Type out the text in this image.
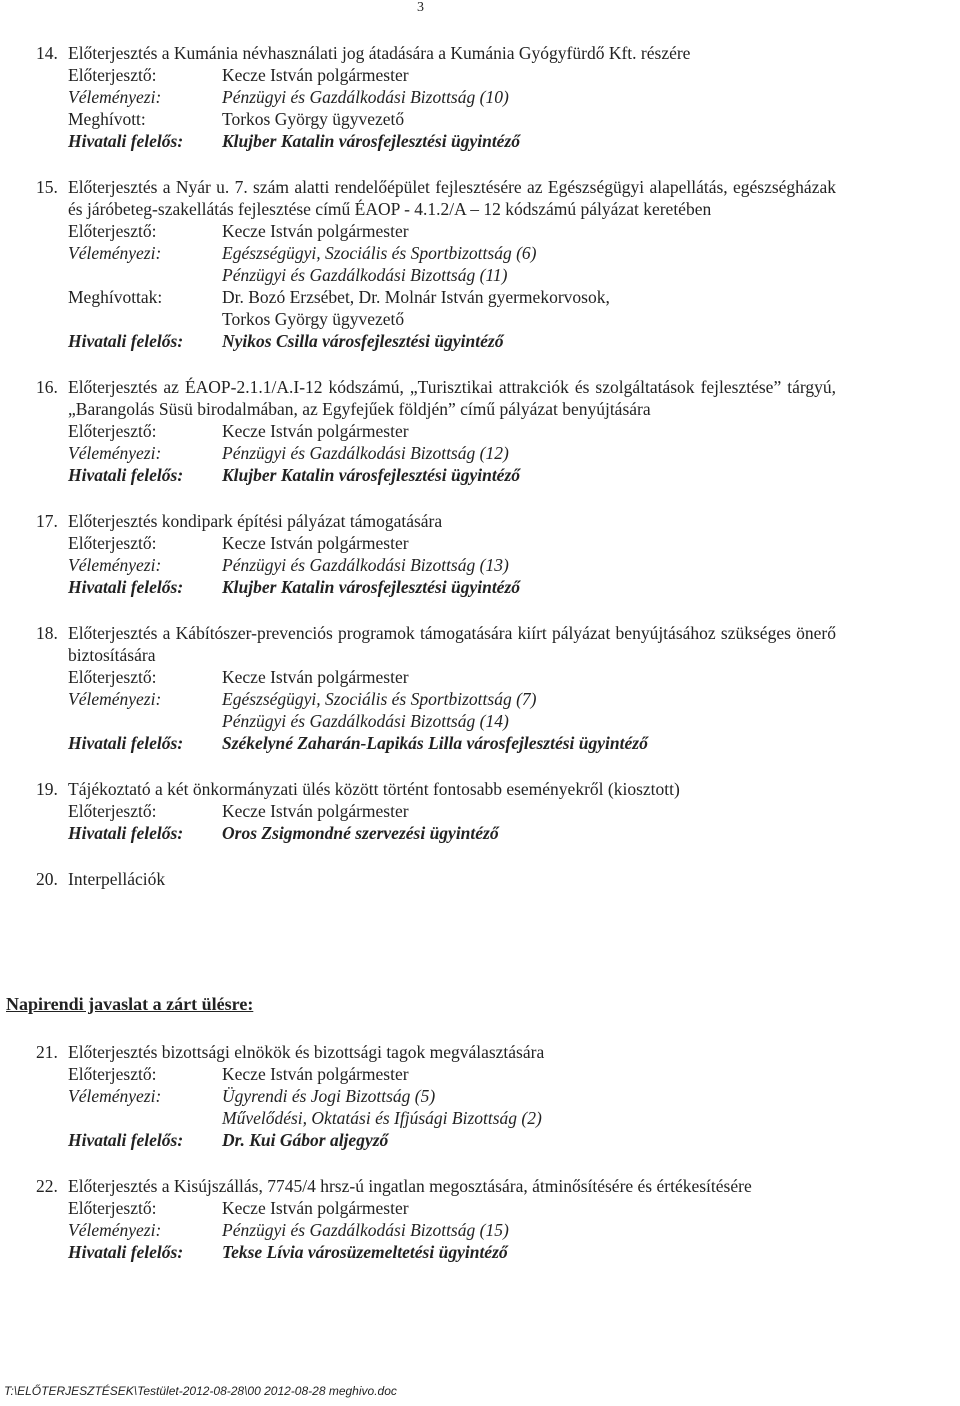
3
14. Előterjesztés a Kumánia névhasználati jog átadására a Kumánia Gyógyfürdő Kft. részére
Előterjesztő:	Kecze István polgármester
Véleményezi:	Pénzügyi és Gazdálkodási Bizottság (10)
Meghívott:	Torkos György ügyvezető
Hivatali felelős:	Klujber Katalin városfejlesztési ügyintéző
15. Előterjesztés a Nyár u. 7. szám alatti rendelőépület fejlesztésére az Egészségügyi alapellátás, egészségházak és járóbeteg-szakellátás fejlesztése című ÉAOP - 4.1.2/A – 12 kódszámú pályázat keretében
Előterjesztő:	Kecze István polgármester
Véleményezi:	Egészségügyi, Szociális és Sportbizottság (6)
Pénzügyi és Gazdálkodási Bizottság (11)
Meghívottak:	Dr. Bozó Erzsébet, Dr. Molnár István gyermekorvosok,
Torkos György ügyvezető
Hivatali felelős:	Nyikos Csilla városfejlesztési ügyintéző
16. Előterjesztés az ÉAOP-2.1.1/A.I-12 kódszámú, „Turisztikai attrakciók és szolgáltatások fejlesztése” tárgyú, „Barangolás Süsü birodalmában, az Egyfejűek földjén” című pályázat benyújtására
Előterjesztő:	Kecze István polgármester
Véleményezi:	Pénzügyi és Gazdálkodási Bizottság (12)
Hivatali felelős:	Klujber Katalin városfejlesztési ügyintéző
17. Előterjesztés kondipark építési pályázat támogatására
Előterjesztő:	Kecze István polgármester
Véleményezi:	Pénzügyi és Gazdálkodási Bizottság (13)
Hivatali felelős:	Klujber Katalin városfejlesztési ügyintéző
18. Előterjesztés a Kábítószer-prevenciós programok támogatására kiírt pályázat benyújtásához szükséges önerő biztosítására
Előterjesztő:	Kecze István polgármester
Véleményezi:	Egészségügyi, Szociális és Sportbizottság (7)
Pénzügyi és Gazdálkodási Bizottság (14)
Hivatali felelős:	Székelyné Zaharán-Lapikás Lilla városfejlesztési ügyintéző
19. Tájékoztató a két önkormányzati ülés között történt fontosabb eseményekről (kiosztott)
Előterjesztő:	Kecze István polgármester
Hivatali felelős:	Oros Zsigmondné szervezési ügyintéző
20. Interpellációk
Napirendi javaslat a zárt ülésre:
21. Előterjesztés bizottsági elnökök és bizottsági tagok megválasztására
Előterjesztő:	Kecze István polgármester
Véleményezi:	Ügyrendi és Jogi Bizottság (5)
Művelődési, Oktatási és Ifjúsági Bizottság (2)
Hivatali felelős:	Dr. Kui Gábor aljegyző
22. Előterjesztés a Kisújszállás, 7745/4 hrsz-ú ingatlan megosztására, átminősítésére és értékesítésére
Előterjesztő:	Kecze István polgármester
Véleményezi:	Pénzügyi és Gazdálkodási Bizottság (15)
Hivatali felelős:	Tekse Lívia városüzemeltetési ügyintéző
T:\ELŐTERJESZTÉSEK\Testület-2012-08-28\00 2012-08-28 meghivo.doc
